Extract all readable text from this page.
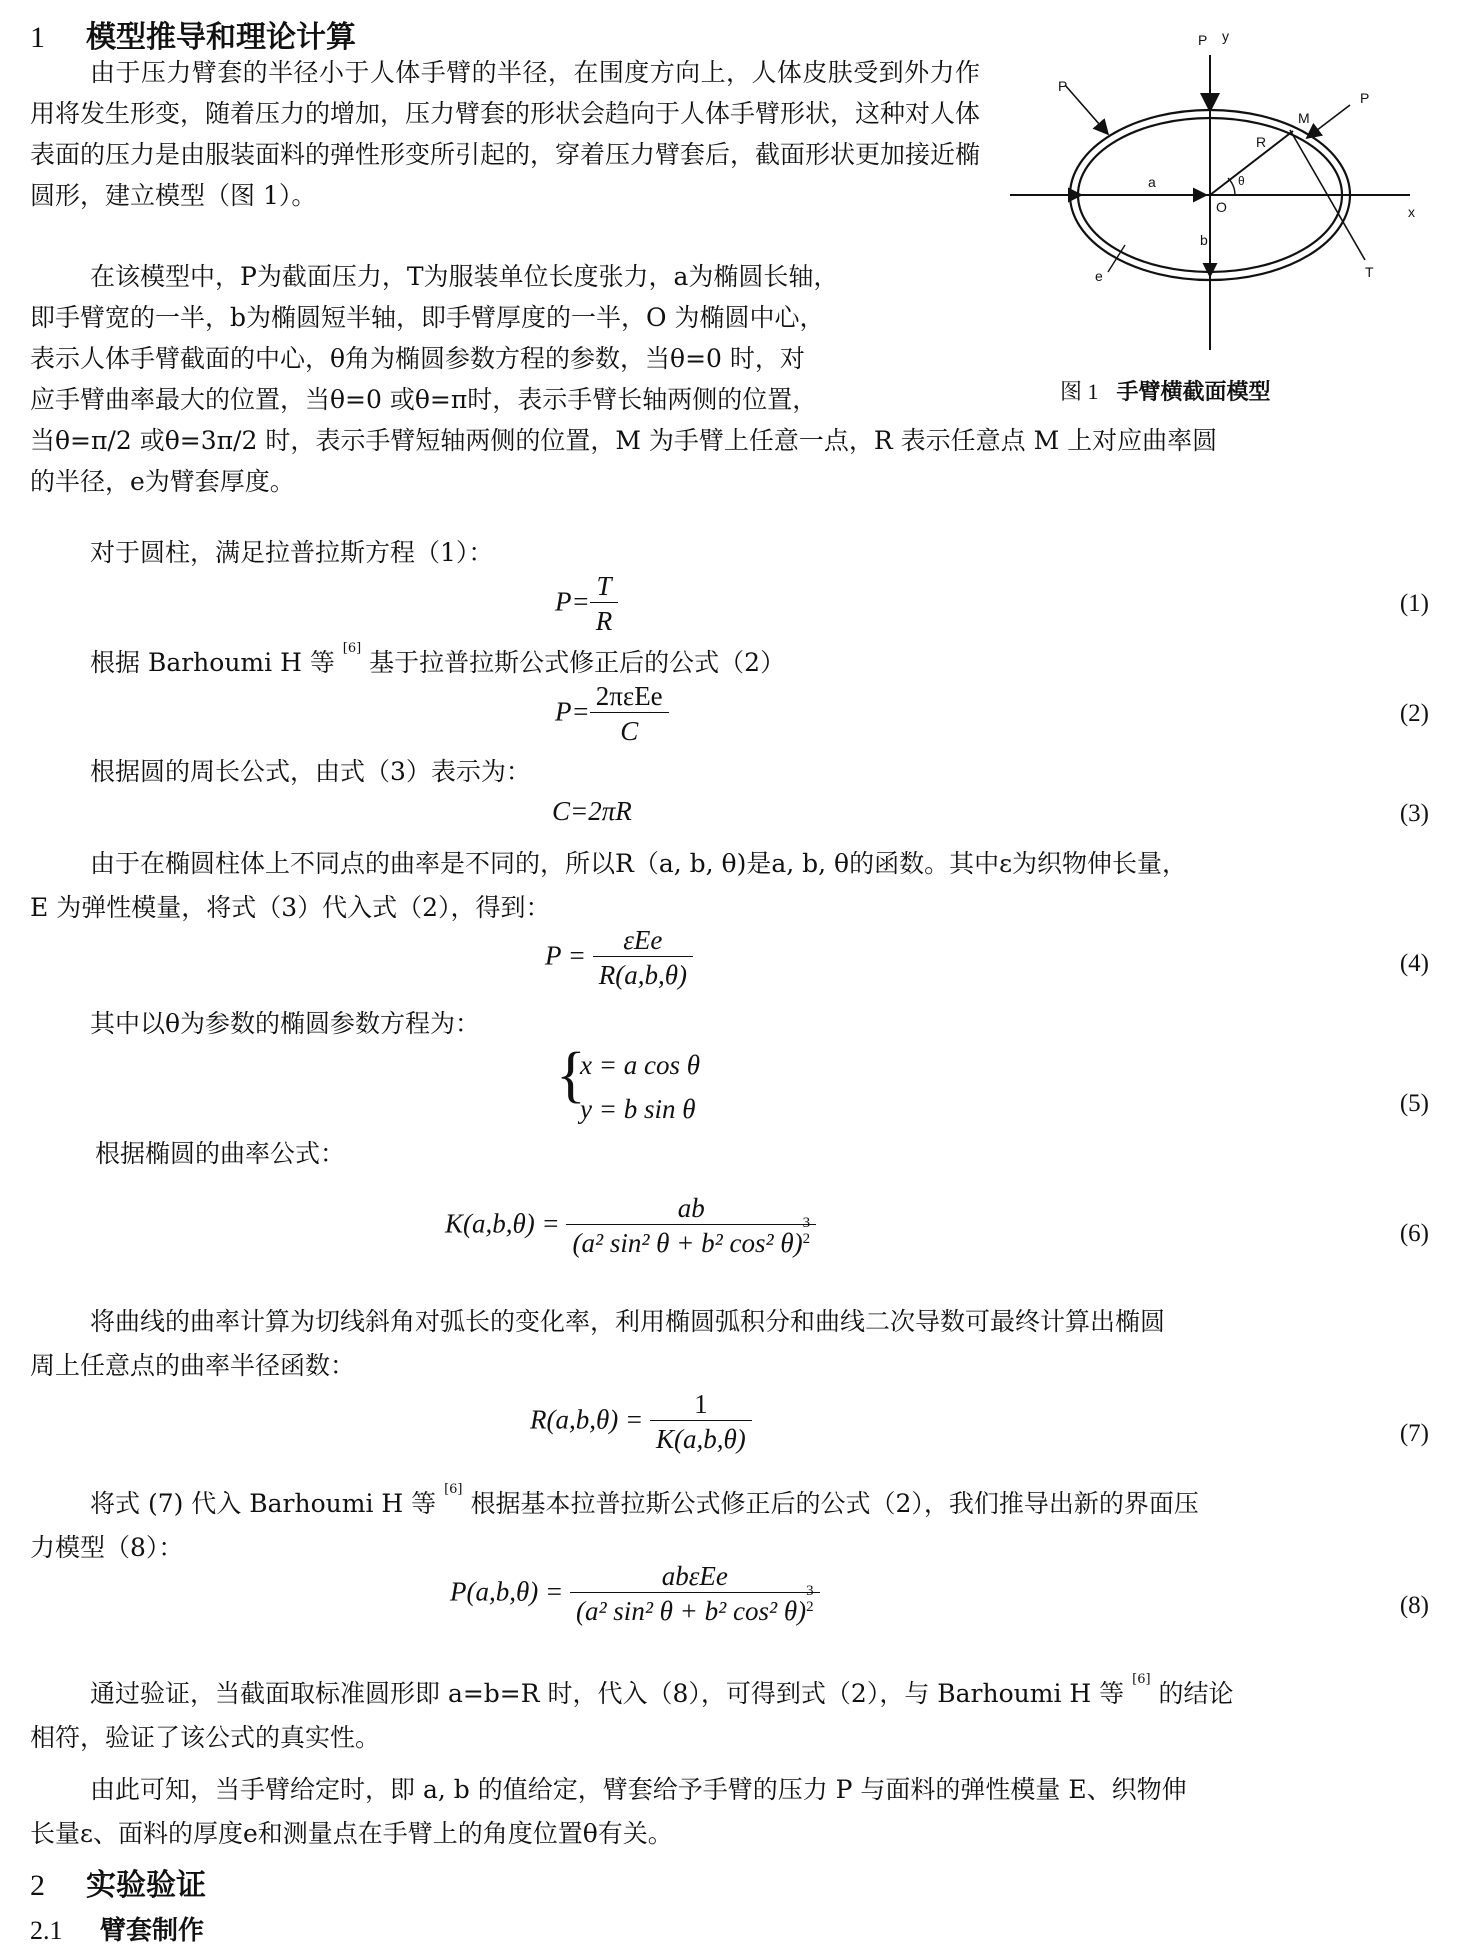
1 模型推导和理论计算

由于压力臂套的半径小于人体手臂的半径，在围度方向上，人体皮肤受到外力作用将发生形变，随着压力的增加，压力臂套的形状会趋向于人体手臂形状，这种对人体表面的压力是由服装面料的弹性形变所引起的，穿着压力臂套后，截面形状更加接近椭圆形，建立模型（图 1）。

在该模型中，P为截面压力，T为服装单位长度张力，a为椭圆长轴，
即手臂宽的一半，b为椭圆短半轴，即手臂厚度的一半，O 为椭圆中心，
表示人体手臂截面的中心，θ角为椭圆参数方程的参数，当θ=0 时，对
应手臂曲率最大的位置，当θ=0 或θ=π时，表示手臂长轴两侧的位置，
当θ=π/2 或θ=3π/2 时，表示手臂短轴两侧的位置，M 为手臂上任意一点，R 表示任意点 M 上对应曲率圆
的半径，e为臂套厚度。
P y
P
P
M
R
θ
a
O	x
b
e	T
图 1 手臂横截面模型
对于圆柱，满足拉普拉斯方程（1）：
$P= \frac{T}{R}$	(1)
根据 Barhoumi H 等 [6] 基于拉普拉斯公式修正后的公式（2）
$P= \frac{\text{2πεEe}}{C}$	(2)
根据圆的周长公式，由式（3）表示为：
C=2πR	(3)
由于在椭圆柱体上不同点的曲率是不同的，所以R（a, b, θ)是a, b, θ的函数。其中ε为织物伸长量，
E 为弹性模量，将式（3）代入式（2），得到：
$P = \frac{\text{εEe}}{R(a,b,\theta)}$	(4)
其中以θ为参数的椭圆参数方程为：
{
x = a cos θ
y = b sin θ	(5)
根据椭圆的曲率公式：
K(a,b,θ) =
ab
(a² sin² θ + b² cos² θ)3
2	(6)
将曲线的曲率计算为切线斜角对弧长的变化率，利用椭圆弧积分和曲线二次导数可最终计算出椭圆
周上任意点的曲率半径函数：
$R(a,b,\theta) = \frac{1}{K(a,b,\theta)}$	(7)
将式 (7) 代入 Barhoumi H 等 [6] 根据基本拉普拉斯公式修正后的公式（2），我们推导出新的界面压
力模型（8）：
P(a,b,θ) =
abεEe
(a² sin² θ + b² cos² θ)3
2	(8)
通过验证，当截面取标准圆形即 a=b=R 时，代入（8），可得到式（2），与 Barhoumi H 等 [6] 的结论
相符，验证了该公式的真实性。
由此可知，当手臂给定时，即 a, b 的值给定，臂套给予手臂的压力 P 与面料的弹性模量 E、织物伸
长量ε、面料的厚度e和测量点在手臂上的角度位置θ有关。
2 实验验证
2.1 臂套制作
